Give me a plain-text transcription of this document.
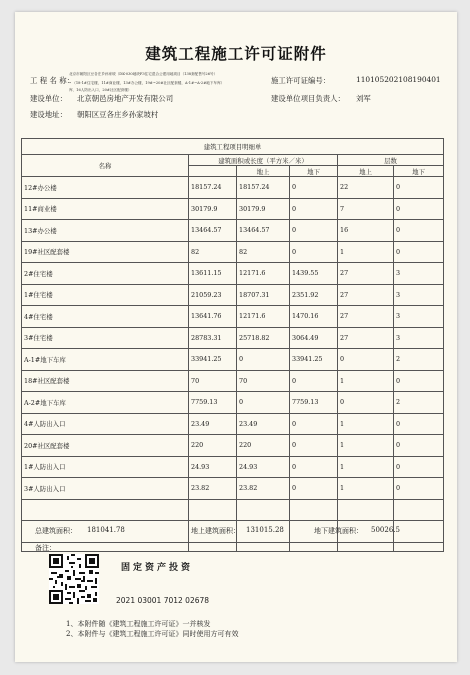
建筑工程施工许可证附件
北京市朝阳区豆各庄乡孙家坡（DK-030地块F3住宅混合公建用地项目（138套配售号26号）
工 程 名 称：
• （18-1#住宅楼，11#商业楼，13#办公楼，19#~20#社区配套楼，A-1#~A-2#地下车库）
库、16人防出入口，20#社区配套楼）
施工许可证编号：	110105202108190401
建设单位： 北京朝邑房地产开发有限公司	建设单位项目负责人： 刘军
建设地址： 朝阳区豆各庄乡孙家坡村
建筑工程项目明细单					
名称	建筑面积或长度（平方米／米）			层数	
		地上	地下	地上	地下
12#办公楼	18157.24	18157.24	0	22	0
11#商业楼	30179.9	30179.9	0	7	0
13#办公楼	13464.57	13464.57	0	16	0
19#社区配套楼	82	82	0	1	0
2#住宅楼	13611.15	12171.6	1439.55	27	3
1#住宅楼	21059.23	18707.31	2351.92	27	3
4#住宅楼	13641.76	12171.6	1470.16	27	3
3#住宅楼	28783.31	25718.82	3064.49	27	3
A-1#地下车库	33941.25	0	33941.25	0	2
18#社区配套楼	70	70	0	1	0
A-2#地下车库	7759.13	0	7759.13	0	2
4#人防出入口	23.49	23.49	0	1	0
20#社区配套楼	220	220	0	1	0
1#人防出入口	24.93	24.93	0	1	0
3#人防出入口	23.82	23.82	0	1	0

总建筑面积： 181041.78	地上建筑面积： 131015.28	地下建筑面积： 50026.5
备注：
固定资产投资
2021 03001 7012 02678
1、本附件随《建筑工程施工许可证》一并核发
2、本附件与《建筑工程施工许可证》同时使用方可有效
